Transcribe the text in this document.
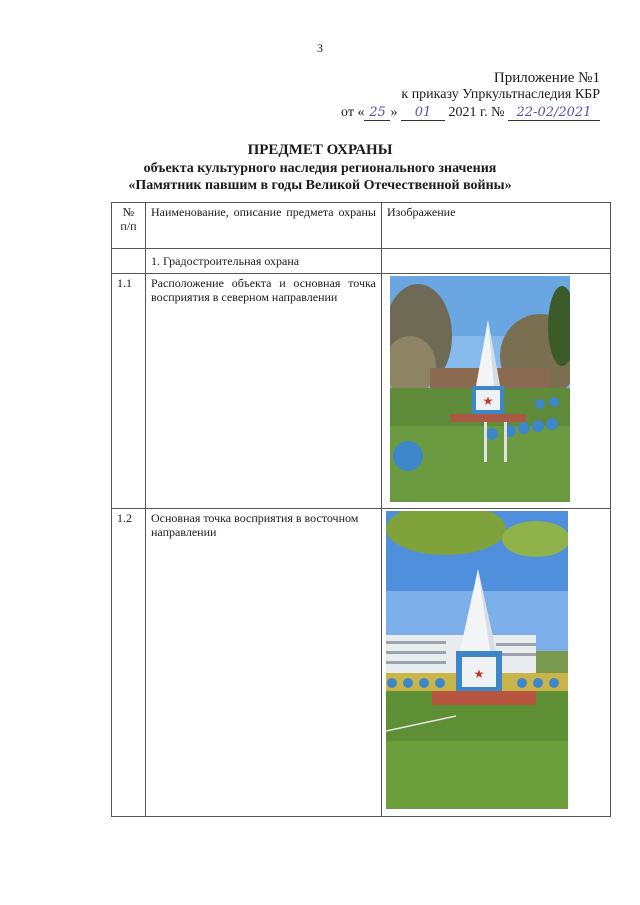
3
Приложение №1
к приказу Упркультнаследия КБР
от « 25 » 01 2021 г. № 22-02/2021
ПРЕДМЕТ ОХРАНЫ
объекта культурного наследия регионального значения
«Памятник павшим в годы Великой Отечественной войны»
№ п/п	Наименование, описание предмета охраны	Изображение
	1. Градостроительная охрана	
1.1	Расположение объекта и основная точка восприятия в северном направлении	★

1.2	Основная точка восприятия в восточном направлении	★
